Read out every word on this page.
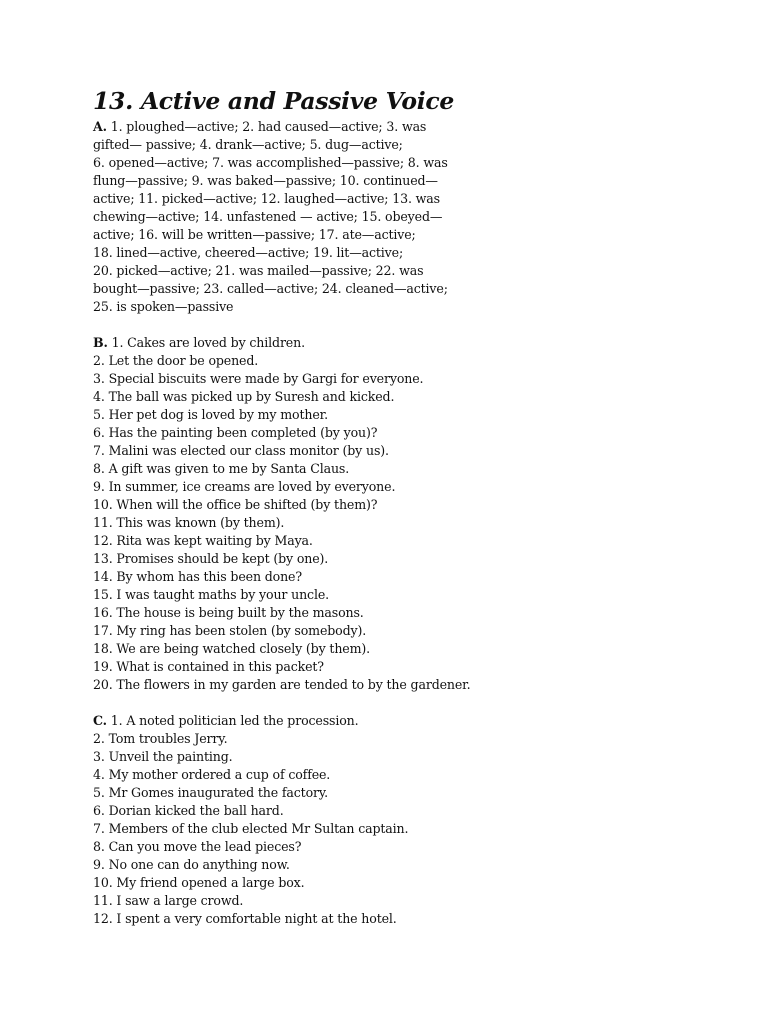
13. Active and Passive Voice
A. 1. ploughed—active; 2. had caused—active; 3. was
gifted— passive; 4. drank—active; 5. dug—active;
6. opened—active; 7. was accomplished—passive; 8. was
flung—passive; 9. was baked—passive; 10. continued—
active; 11. picked—active; 12. laughed—active; 13. was
chewing—active; 14. unfastened — active; 15. obeyed—
active; 16. will be written—passive; 17. ate—active;
18. lined—active, cheered—active; 19. lit—active;
20. picked—active; 21. was mailed—passive; 22. was
bought—passive; 23. called—active; 24. cleaned—active;
25. is spoken—passive
B. 1. Cakes are loved by children.
2. Let the door be opened.
3. Special biscuits were made by Gargi for everyone.
4. The ball was picked up by Suresh and kicked.
5. Her pet dog is loved by my mother.
6. Has the painting been completed (by you)?
7. Malini was elected our class monitor (by us).
8. A gift was given to me by Santa Claus.
9. In summer, ice creams are loved by everyone.
10. When will the office be shifted (by them)?
11. This was known (by them).
12. Rita was kept waiting by Maya.
13. Promises should be kept (by one).
14. By whom has this been done?
15. I was taught maths by your uncle.
16. The house is being built by the masons.
17. My ring has been stolen (by somebody).
18. We are being watched closely (by them).
19. What is contained in this packet?
20. The flowers in my garden are tended to by the gardener.
C. 1. A noted politician led the procession.
2. Tom troubles Jerry.
3. Unveil the painting.
4. My mother ordered a cup of coffee.
5. Mr Gomes inaugurated the factory.
6. Dorian kicked the ball hard.
7. Members of the club elected Mr Sultan captain.
8. Can you move the lead pieces?
9. No one can do anything now.
10. My friend opened a large box.
11. I saw a large crowd.
12. I spent a very comfortable night at the hotel.
